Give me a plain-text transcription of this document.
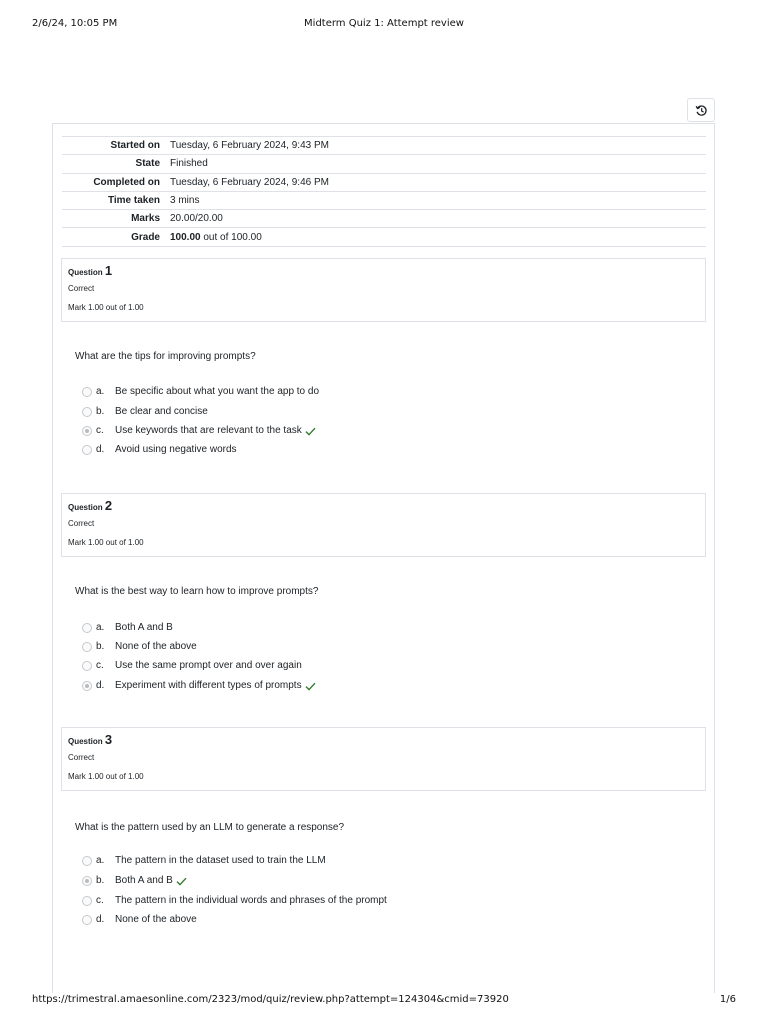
2/6/24, 10:05 PM	Midterm Quiz 1: Attempt review
Started on	Tuesday, 6 February 2024, 9:43 PM
State	Finished
Completed on	Tuesday, 6 February 2024, 9:46 PM
Time taken	3 mins
Marks	20.00/20.00
Grade	100.00 out of 100.00
Question 1
Correct
Mark 1.00 out of 1.00
What are the tips for improving prompts?
a. Be specific about what you want the app to do
b. Be clear and concise
c. Use keywords that are relevant to the task
d. Avoid using negative words
Question 2
Correct
Mark 1.00 out of 1.00
What is the best way to learn how to improve prompts?
a. Both A and B
b. None of the above
c. Use the same prompt over and over again
d. Experiment with different types of prompts
Question 3
Correct
Mark 1.00 out of 1.00
What is the pattern used by an LLM to generate a response?
a. The pattern in the dataset used to train the LLM
b. Both A and B
c. The pattern in the individual words and phrases of the prompt
d. None of the above
https://trimestral.amaesonline.com/2323/mod/quiz/review.php?attempt=124304&cmid=73920	1/6
